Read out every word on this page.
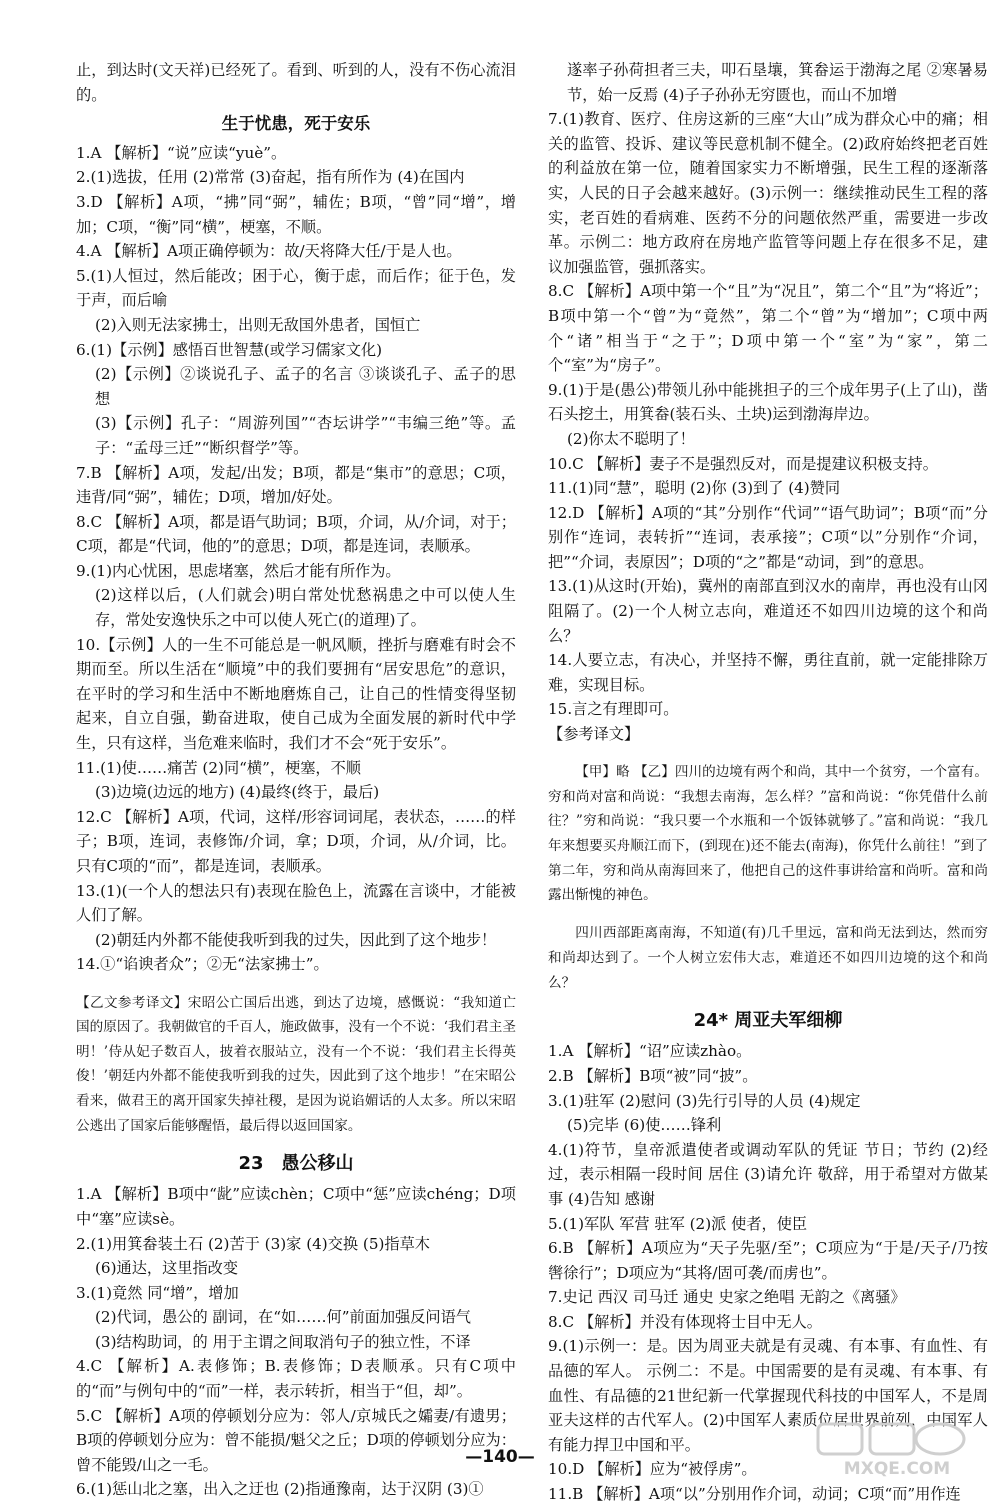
止，到达时(文天祥)已经死了。看到、听到的人，没有不伤心流泪的。

生于忧患，死于安乐

1.A 【解析】“说”应读“yuè”。

2.(1)选拔，任用 (2)常常 (3)奋起，指有所作为 (4)在国内

3.D 【解析】A项，“拂”同“弼”，辅佐；B项，“曾”同“增”，增加；C项，“衡”同“横”，梗塞，不顺。

4.A 【解析】A项正确停顿为：故/天将降大任/于是人也。

5.(1)人恒过，然后能改；困于心，衡于虑，而后作；征于色，发于声，而后喻

(2)入则无法家拂士，出则无敌国外患者，国恒亡

6.(1)【示例】感悟百世智慧(或学习儒家文化)

(2)【示例】②谈说孔子、孟子的名言 ③谈谈孔子、孟子的思想

(3)【示例】孔子：“周游列国”“杏坛讲学”“韦编三绝”等。孟子：“孟母三迁”“断织督学”等。

7.B 【解析】A项，发起/出发；B项，都是“集市”的意思；C项，违背/同“弼”，辅佐；D项，增加/好处。

8.C 【解析】A项，都是语气助词；B项，介词，从/介词，对于；C项，都是“代词，他的”的意思；D项，都是连词，表顺承。

9.(1)内心忧困，思虑堵塞，然后才能有所作为。

(2)这样以后，(人们就会)明白常处忧愁祸患之中可以使人生存，常处安逸快乐之中可以使人死亡(的道理)了。

10.【示例】人的一生不可能总是一帆风顺，挫折与磨难有时会不期而至。所以生活在“顺境”中的我们要拥有“居安思危”的意识，在平时的学习和生活中不断地磨炼自己，让自己的性情变得坚韧起来，自立自强，勤奋进取，使自己成为全面发展的新时代中学生，只有这样，当危难来临时，我们才不会“死于安乐”。

11.(1)使……痛苦 (2)同“横”，梗塞，不顺

(3)边境(边远的地方) (4)最终(终于，最后)

12.C 【解析】A项，代词，这样/形容词词尾，表状态，……的样子；B项，连词，表修饰/介词，拿；D项，介词，从/介词，比。只有C项的“而”，都是连词，表顺承。

13.(1)(一个人的想法只有)表现在脸色上，流露在言谈中，才能被人们了解。

(2)朝廷内外都不能使我听到我的过失，因此到了这个地步！

14.①“谄谀者众”；②无“法家拂士”。

【乙文参考译文】宋昭公亡国后出逃，到达了边境，感慨说：“我知道亡国的原因了。我朝做官的千百人，施政做事，没有一个不说：‘我们君主圣明！’侍从妃子数百人，披着衣服站立，没有一个不说：‘我们君主长得英俊！’朝廷内外都不能使我听到我的过失，因此到了这个地步！”在宋昭公看来，做君王的离开国家失掉社稷，是因为说谄媚话的人太多。所以宋昭公逃出了国家后能够醒悟，最后得以返回国家。

23　愚公移山

1.A 【解析】B项中“龀”应读chèn；C项中“惩”应读chéng；D项中“塞”应读sè。

2.(1)用箕畚装土石 (2)苦于 (3)家 (4)交换 (5)指草木

(6)通达，这里指改变

3.(1)竟然 同“增”，增加

(2)代词，愚公的 副词，在“如……何”前面加强反问语气

(3)结构助词，的 用于主谓之间取消句子的独立性，不译

4.C 【解析】A.表修饰；B.表修饰；D表顺承。只有C项中的“而”与例句中的“而”一样，表示转折，相当于“但，却”。

5.C 【解析】A项的停顿划分应为：邻人/京城氏之孀妻/有遗男；B项的停顿划分应为：曾不能损/魁父之丘；D项的停顿划分应为：曾不能毁/山之一毛。

6.(1)惩山北之塞，出入之迂也 (2)指通豫南，达于汉阴 (3)①

遂率子孙荷担者三夫，叩石垦壤，箕畚运于渤海之尾 ②寒暑易节，始一反焉 (4)子子孙孙无穷匮也，而山不加增

7.(1)教育、医疗、住房这新的三座“大山”成为群众心中的痛；相关的监管、投诉、建议等民意机制不健全。(2)政府始终把老百姓的利益放在第一位，随着国家实力不断增强，民生工程的逐渐落实，人民的日子会越来越好。(3)示例一：继续推动民生工程的落实，老百姓的看病难、医药不分的问题依然严重，需要进一步改革。示例二：地方政府在房地产监管等问题上存在很多不足，建议加强监管，强抓落实。

8.C 【解析】A项中第一个“且”为“况且”，第二个“且”为“将近”；B项中第一个“曾”为“竟然”，第二个“曾”为“增加”；C项中两个“诸”相当于“之于”；D项中第一个“室”为“家”，第二个“室”为“房子”。

9.(1)于是(愚公)带领儿孙中能挑担子的三个成年男子(上了山)，凿石头挖土，用箕畚(装石头、土块)运到渤海岸边。

(2)你太不聪明了！

10.C 【解析】妻子不是强烈反对，而是提建议积极支持。

11.(1)同“慧”，聪明 (2)你 (3)到了 (4)赞同

12.D 【解析】A项的“其”分别作“代词”“语气助词”；B项“而”分别作“连词，表转折”“连词，表承接”；C项“以”分别作“介词，把”“介词，表原因”；D项的“之”都是“动词，到”的意思。

13.(1)从这时(开始)，冀州的南部直到汉水的南岸，再也没有山冈阻隔了。(2)一个人树立志向，难道还不如四川边境的这个和尚么？

14.人要立志，有决心，并坚持不懈，勇往直前，就一定能排除万难，实现目标。

15.言之有理即可。

【参考译文】

【甲】略 【乙】四川的边境有两个和尚，其中一个贫穷，一个富有。穷和尚对富和尚说：“我想去南海，怎么样？”富和尚说：“你凭借什么前往？”穷和尚说：“我只要一个水瓶和一个饭钵就够了。”富和尚说：“我几年来想要买舟顺江而下，(到现在)还不能去(南海)，你凭什么前往！”到了第二年，穷和尚从南海回来了，他把自己的这件事讲给富和尚听。富和尚露出惭愧的神色。

四川西部距离南海，不知道(有)几千里远，富和尚无法到达，然而穷和尚却达到了。一个人树立宏伟大志，难道还不如四川边境的这个和尚么？

24* 周亚夫军细柳

1.A 【解析】“诏”应读zhào。

2.B 【解析】B项“被”同“披”。

3.(1)驻军 (2)慰问 (3)先行引导的人员 (4)规定

(5)完毕 (6)使……锋利

4.(1)符节，皇帝派遣使者或调动军队的凭证 节日；节约 (2)经过，表示相隔一段时间 居住 (3)请允许 敬辞，用于希望对方做某事 (4)告知 感谢

5.(1)军队 军营 驻军 (2)派 使者，使臣

6.B 【解析】A项应为“天子先驱/至”；C项应为“于是/天子/乃按辔徐行”；D项应为“其将/固可袭/而虏也”。

7.史记 西汉 司马迁 通史 史家之绝唱 无韵之《离骚》

8.C 【解析】并没有体现将士目中无人。

9.(1)示例一：是。因为周亚夫就是有灵魂、有本事、有血性、有品德的军人。 示例二：不是。中国需要的是有灵魂、有本事、有血性、有品德的21世纪新一代掌握现代科技的中国军人，不是周亚夫这样的古代军人。(2)中国军人素质位居世界前列，中国军人有能力捍卫中国和平。

10.D 【解析】应为“被俘虏”。

11.B 【解析】A项“以”分别用作介词，动词；C项“而”用作连

—140—
MXQE.COM
